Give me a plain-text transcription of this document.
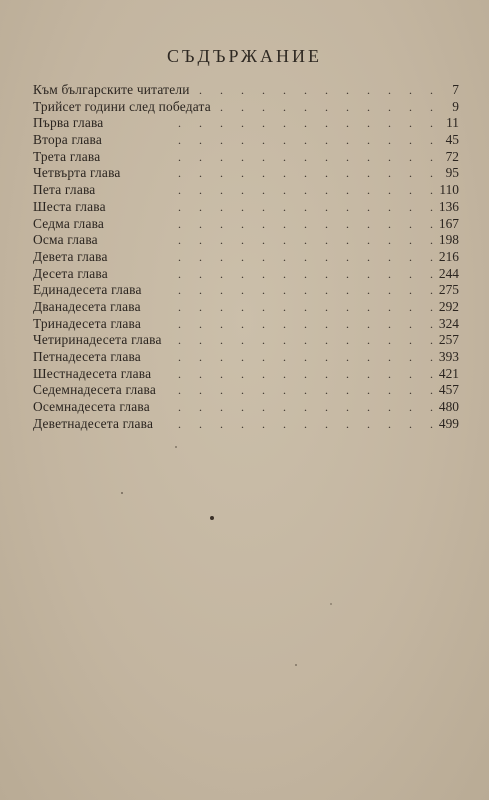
СЪДЪРЖАНИЕ
Към българските читатели .	7
Трийсет години след победата .	9
Първа глава .	11
Втора глава .	45
Трета глава .	72
Четвърта глава .	95
Пета глава .	110
Шеста глава .	136
Седма глава .	167
Осма глава .	198
Девета глава .	216
Десета глава .	244
Единадесета глава .	275
Дванадесета глава .	292
Тринадесета глава .	324
Четиринадесета глава .	257
Петнадесета глава .	393
Шестнадесета глава .	421
Седемнадесета глава .	457
Осемнадесета глава .	480
Деветнадесета глава .	499
